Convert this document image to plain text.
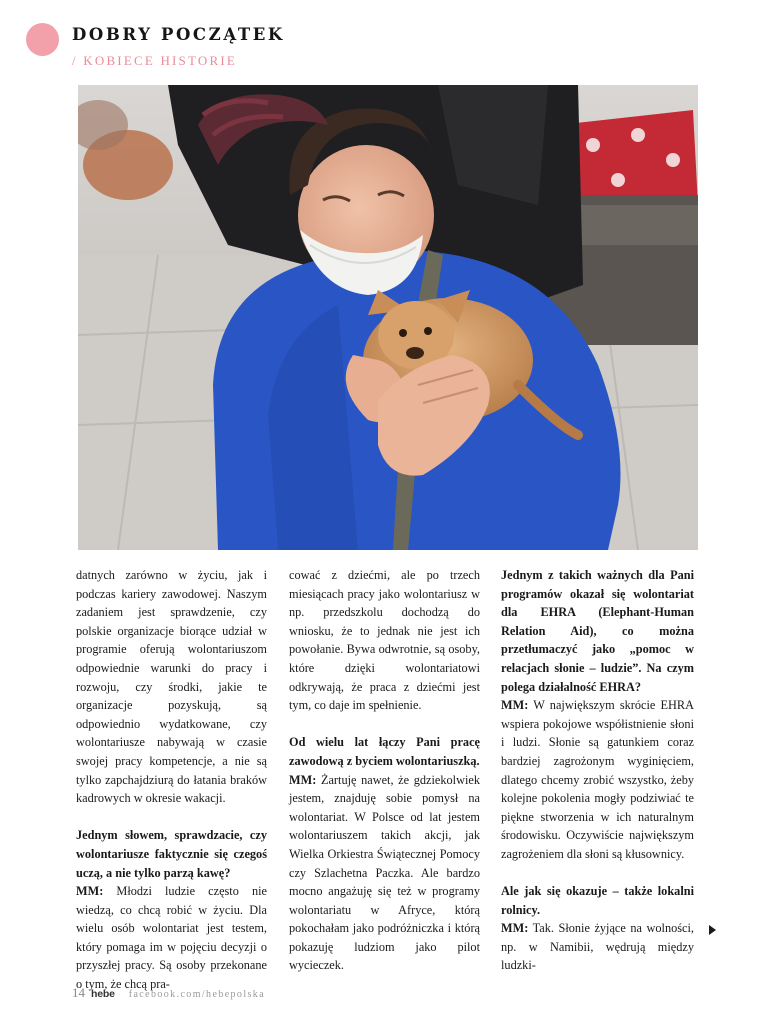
DOBRY POCZĄTEK
/ KOBIECE HISTORIE

datnych zarówno w życiu, jak i podczas kariery zawodowej. Naszym zadaniem jest sprawdzenie, czy polskie organizacje biorące udział w programie oferują wolontariuszom odpowiednie warunki do pracy i rozwoju, czy środki, jakie te organizacje pozyskują, są odpowiednio wydatkowane, czy wolontariusze nabywają w czasie swojej pracy kompetencje, a nie są tylko zapchajdziurą do łatania braków kadrowych w okresie wakacji.

Jednym słowem, sprawdzacie, czy wolontariusze faktycznie się czegoś uczą, a nie tylko parzą kawę?

MM: Młodzi ludzie często nie wiedzą, co chcą robić w życiu. Dla wielu osób wolontariat jest testem, który pomaga im w pojęciu decyzji o przyszłej pracy. Są osoby przekonane o tym, że chcą pra-

cować z dziećmi, ale po trzech miesiącach pracy jako wolontariusz w np. przedszkolu dochodzą do wniosku, że to jednak nie jest ich powołanie. Bywa odwrotnie, są osoby, które dzięki wolontariatowi odkrywają, że praca z dziećmi jest tym, co daje im spełnienie.

Od wielu lat łączy Pani pracę zawodową z byciem wolontariuszką.

MM: Żartuję nawet, że gdziekolwiek jestem, znajduję sobie pomysł na wolontariat. W Polsce od lat jestem wolontariuszem takich akcji, jak Wielka Orkiestra Świątecznej Pomocy czy Szlachetna Paczka. Ale bardzo mocno angażuję się też w programy wolontariatu w Afryce, którą pokochałam jako podróżniczka i którą pokazuję ludziom jako pilot wycieczek.

Jednym z takich ważnych dla Pani programów okazał się wolontariat dla EHRA (Elephant-Human Relation Aid), co można przetłumaczyć jako „pomoc w relacjach słonie – ludzie”. Na czym polega działalność EHRA?

MM: W największym skrócie EHRA wspiera pokojowe współistnienie słoni i ludzi. Słonie są gatunkiem coraz bardziej zagrożonym wyginięciem, dlatego chcemy zrobić wszystko, żeby kolejne pokolenia mogły podziwiać te piękne stworzenia w ich naturalnym środowisku. Oczywiście największym zagrożeniem dla słoni są kłusownicy.

Ale jak się okazuje – także lokalni rolnicy.

MM: Tak. Słonie żyjące na wolności, np. w Namibii, wędrują między ludzki-

14 hebe facebook.com/hebepolska
